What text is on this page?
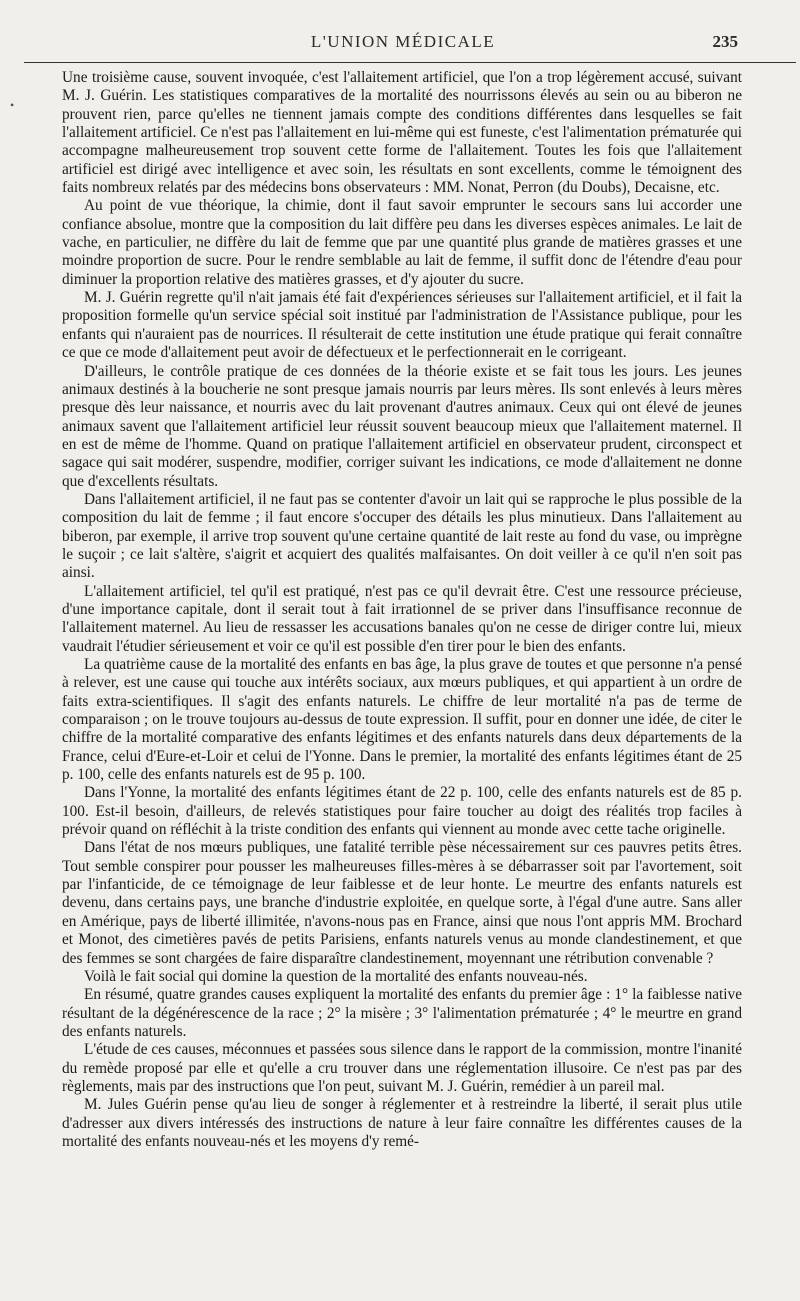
L'UNION MÉDICALE	235
•

Une troisième cause, souvent invoquée, c'est l'allaitement artificiel, que l'on a trop légèrement accusé, suivant M. J. Guérin. Les statistiques comparatives de la mortalité des nourrissons élevés au sein ou au biberon ne prouvent rien, parce qu'elles ne tiennent jamais compte des conditions différentes dans lesquelles se fait l'allaitement artificiel. Ce n'est pas l'allaitement en lui-même qui est funeste, c'est l'alimentation prématurée qui accompagne malheureusement trop souvent cette forme de l'allaitement. Toutes les fois que l'allaitement artificiel est dirigé avec intelligence et avec soin, les résultats en sont excellents, comme le témoignent des faits nombreux relatés par des médecins bons observateurs : MM. Nonat, Perron (du Doubs), Decaisne, etc.

Au point de vue théorique, la chimie, dont il faut savoir emprunter le secours sans lui accorder une confiance absolue, montre que la composition du lait diffère peu dans les diverses espèces animales. Le lait de vache, en particulier, ne diffère du lait de femme que par une quantité plus grande de matières grasses et une moindre proportion de sucre. Pour le rendre semblable au lait de femme, il suffit donc de l'étendre d'eau pour diminuer la proportion relative des matières grasses, et d'y ajouter du sucre.

M. J. Guérin regrette qu'il n'ait jamais été fait d'expériences sérieuses sur l'allaitement artificiel, et il fait la proposition formelle qu'un service spécial soit institué par l'administration de l'Assistance publique, pour les enfants qui n'auraient pas de nourrices. Il résulterait de cette institution une étude pratique qui ferait connaître ce que ce mode d'allaitement peut avoir de défectueux et le perfectionnerait en le corrigeant.

D'ailleurs, le contrôle pratique de ces données de la théorie existe et se fait tous les jours. Les jeunes animaux destinés à la boucherie ne sont presque jamais nourris par leurs mères. Ils sont enlevés à leurs mères presque dès leur naissance, et nourris avec du lait provenant d'autres animaux. Ceux qui ont élevé de jeunes animaux savent que l'allaitement artificiel leur réussit souvent beaucoup mieux que l'allaitement maternel. Il en est de même de l'homme. Quand on pratique l'allaitement artificiel en observateur prudent, circonspect et sagace qui sait modérer, suspendre, modifier, corriger suivant les indications, ce mode d'allaitement ne donne que d'excellents résultats.

Dans l'allaitement artificiel, il ne faut pas se contenter d'avoir un lait qui se rapproche le plus possible de la composition du lait de femme ; il faut encore s'occuper des détails les plus minutieux. Dans l'allaitement au biberon, par exemple, il arrive trop souvent qu'une certaine quantité de lait reste au fond du vase, ou imprègne le suçoir ; ce lait s'altère, s'aigrit et acquiert des qualités malfaisantes. On doit veiller à ce qu'il n'en soit pas ainsi.

L'allaitement artificiel, tel qu'il est pratiqué, n'est pas ce qu'il devrait être. C'est une ressource précieuse, d'une importance capitale, dont il serait tout à fait irrationnel de se priver dans l'insuffisance reconnue de l'allaitement maternel. Au lieu de ressasser les accusations banales qu'on ne cesse de diriger contre lui, mieux vaudrait l'étudier sérieusement et voir ce qu'il est possible d'en tirer pour le bien des enfants.

La quatrième cause de la mortalité des enfants en bas âge, la plus grave de toutes et que personne n'a pensé à relever, est une cause qui touche aux intérêts sociaux, aux mœurs publiques, et qui appartient à un ordre de faits extra-scientifiques. Il s'agit des enfants naturels. Le chiffre de leur mortalité n'a pas de terme de comparaison ; on le trouve toujours au-dessus de toute expression. Il suffit, pour en donner une idée, de citer le chiffre de la mortalité comparative des enfants légitimes et des enfants naturels dans deux départements de la France, celui d'Eure-et-Loir et celui de l'Yonne. Dans le premier, la mortalité des enfants légitimes étant de 25 p. 100, celle des enfants naturels est de 95 p. 100.

Dans l'Yonne, la mortalité des enfants légitimes étant de 22 p. 100, celle des enfants naturels est de 85 p. 100. Est-il besoin, d'ailleurs, de relevés statistiques pour faire toucher au doigt des réalités trop faciles à prévoir quand on réfléchit à la triste condition des enfants qui viennent au monde avec cette tache originelle.

Dans l'état de nos mœurs publiques, une fatalité terrible pèse nécessairement sur ces pauvres petits êtres. Tout semble conspirer pour pousser les malheureuses filles-mères à se débarrasser soit par l'avortement, soit par l'infanticide, de ce témoignage de leur faiblesse et de leur honte. Le meurtre des enfants naturels est devenu, dans certains pays, une branche d'industrie exploitée, en quelque sorte, à l'égal d'une autre. Sans aller en Amérique, pays de liberté illimitée, n'avons-nous pas en France, ainsi que nous l'ont appris MM. Brochard et Monot, des cimetières pavés de petits Parisiens, enfants naturels venus au monde clandestinement, et que des femmes se sont chargées de faire disparaître clandestinement, moyennant une rétribution convenable ?

Voilà le fait social qui domine la question de la mortalité des enfants nouveau-nés.

En résumé, quatre grandes causes expliquent la mortalité des enfants du premier âge : 1° la faiblesse native résultant de la dégénérescence de la race ; 2° la misère ; 3° l'alimentation prématurée ; 4° le meurtre en grand des enfants naturels.

L'étude de ces causes, méconnues et passées sous silence dans le rapport de la commission, montre l'inanité du remède proposé par elle et qu'elle a cru trouver dans une réglementation illusoire. Ce n'est pas par des règlements, mais par des instructions que l'on peut, suivant M. J. Guérin, remédier à un pareil mal.

M. Jules Guérin pense qu'au lieu de songer à réglementer et à restreindre la liberté, il serait plus utile d'adresser aux divers intéressés des instructions de nature à leur faire connaître les différentes causes de la mortalité des enfants nouveau-nés et les moyens d'y remé-
